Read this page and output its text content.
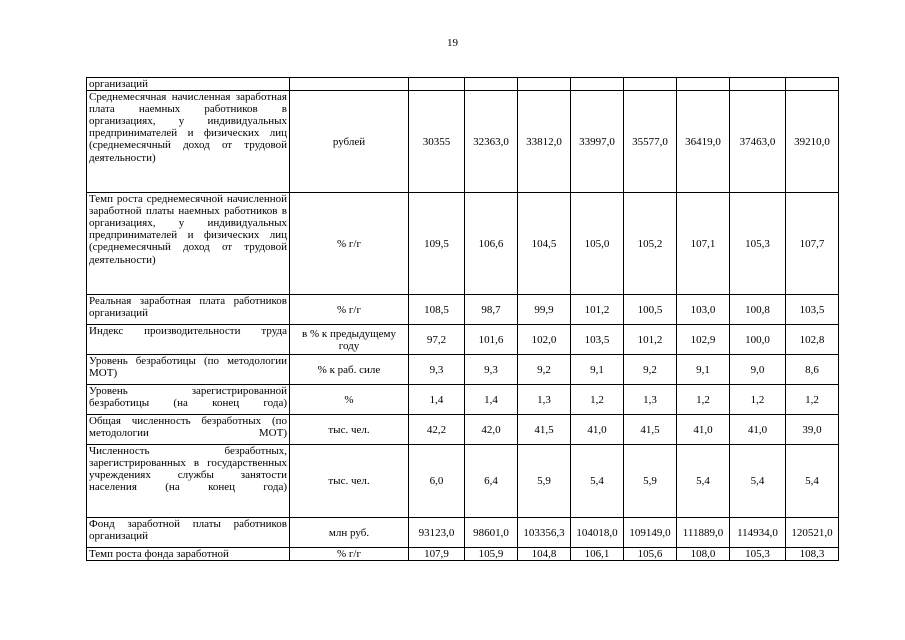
19
организаций									
Среднемесячная начисленная заработная плата наемных работников в организациях, у индивидуальных предпринимателей и физических лиц (среднемесячный доход от трудовой деятельности)	рублей	30355	32363,0	33812,0	33997,0	35577,0	36419,0	37463,0	39210,0
Темп роста среднемесячной начисленной заработной платы наемных работников в организациях, у индивидуальных предпринимателей и физических лиц (среднемесячный доход от трудовой деятельности)	% г/г	109,5	106,6	104,5	105,0	105,2	107,1	105,3	107,7
Реальная заработная плата работников организаций	% г/г	108,5	98,7	99,9	101,2	100,5	103,0	100,8	103,5
Индекс производительности труда	в % к предыдущему году	97,2	101,6	102,0	103,5	101,2	102,9	100,0	102,8
Уровень безработицы (по методологии МОТ)	% к раб. силе	9,3	9,3	9,2	9,1	9,2	9,1	9,0	8,6
Уровень зарегистрированной безработицы (на конец года)	%	1,4	1,4	1,3	1,2	1,3	1,2	1,2	1,2
Общая численность безработных (по методологии МОТ)	тыс. чел.	42,2	42,0	41,5	41,0	41,5	41,0	41,0	39,0
Численность безработных, зарегистрированных в государственных учреждениях службы занятости населения (на конец года)	тыс. чел.	6,0	6,4	5,9	5,4	5,9	5,4	5,4	5,4
Фонд заработной платы работников организаций	млн руб.	93123,0	98601,0	103356,3	104018,0	109149,0	111889,0	114934,0	120521,0
Темп роста фонда заработной	% г/г	107,9	105,9	104,8	106,1	105,6	108,0	105,3	108,3
